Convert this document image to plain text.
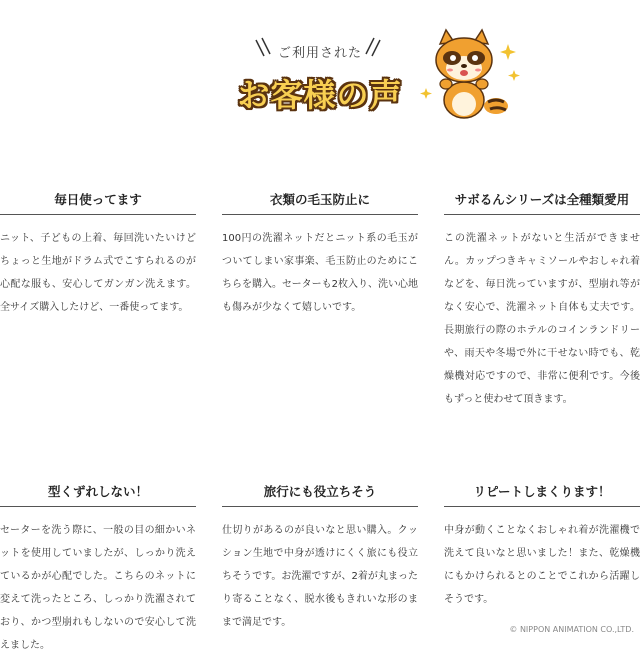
ご利用された
お客様の声
毎日使ってます

ニット、子どもの上着、毎回洗いたいけどちょっと生地がドラム式でこすられるのが心配な服も、安心してガンガン洗えます。全サイズ購入したけど、一番使ってます。

衣類の毛玉防止に

100円の洗濯ネットだとニット系の毛玉がついてしまい家事楽、毛玉防止のためにこちらを購入。セーターも2枚入り、洗い心地も傷みが少なくて嬉しいです。

サボるんシリーズは全種類愛用

この洗濯ネットがないと生活ができません。カップつきキャミソールやおしゃれ着などを、毎日洗っていますが、型崩れ等がなく安心で、洗濯ネット自体も丈夫です。長期旅行の際のホテルのコインランドリーや、雨天や冬場で外に干せない時でも、乾燥機対応ですので、非常に便利です。今後もずっと使わせて頂きます。

型くずれしない！

セーターを洗う際に、一般の目の細かいネットを使用していましたが、しっかり洗えているかが心配でした。こちらのネットに変えて洗ったところ、しっかり洗濯されており、かつ型崩れもしないので安心して洗えました。

旅行にも役立ちそう

仕切りがあるのが良いなと思い購入。クッション生地で中身が透けにくく旅にも役立ちそうです。お洗濯ですが、2着が丸まったり寄ることなく、脱水後もきれいな形のままで満足です。

リピートしまくります！

中身が動くことなくおしゃれ着が洗濯機で洗えて良いなと思いました！また、乾燥機にもかけられるとのことでこれから活躍しそうです。

© NIPPON ANIMATION CO.,LTD.
